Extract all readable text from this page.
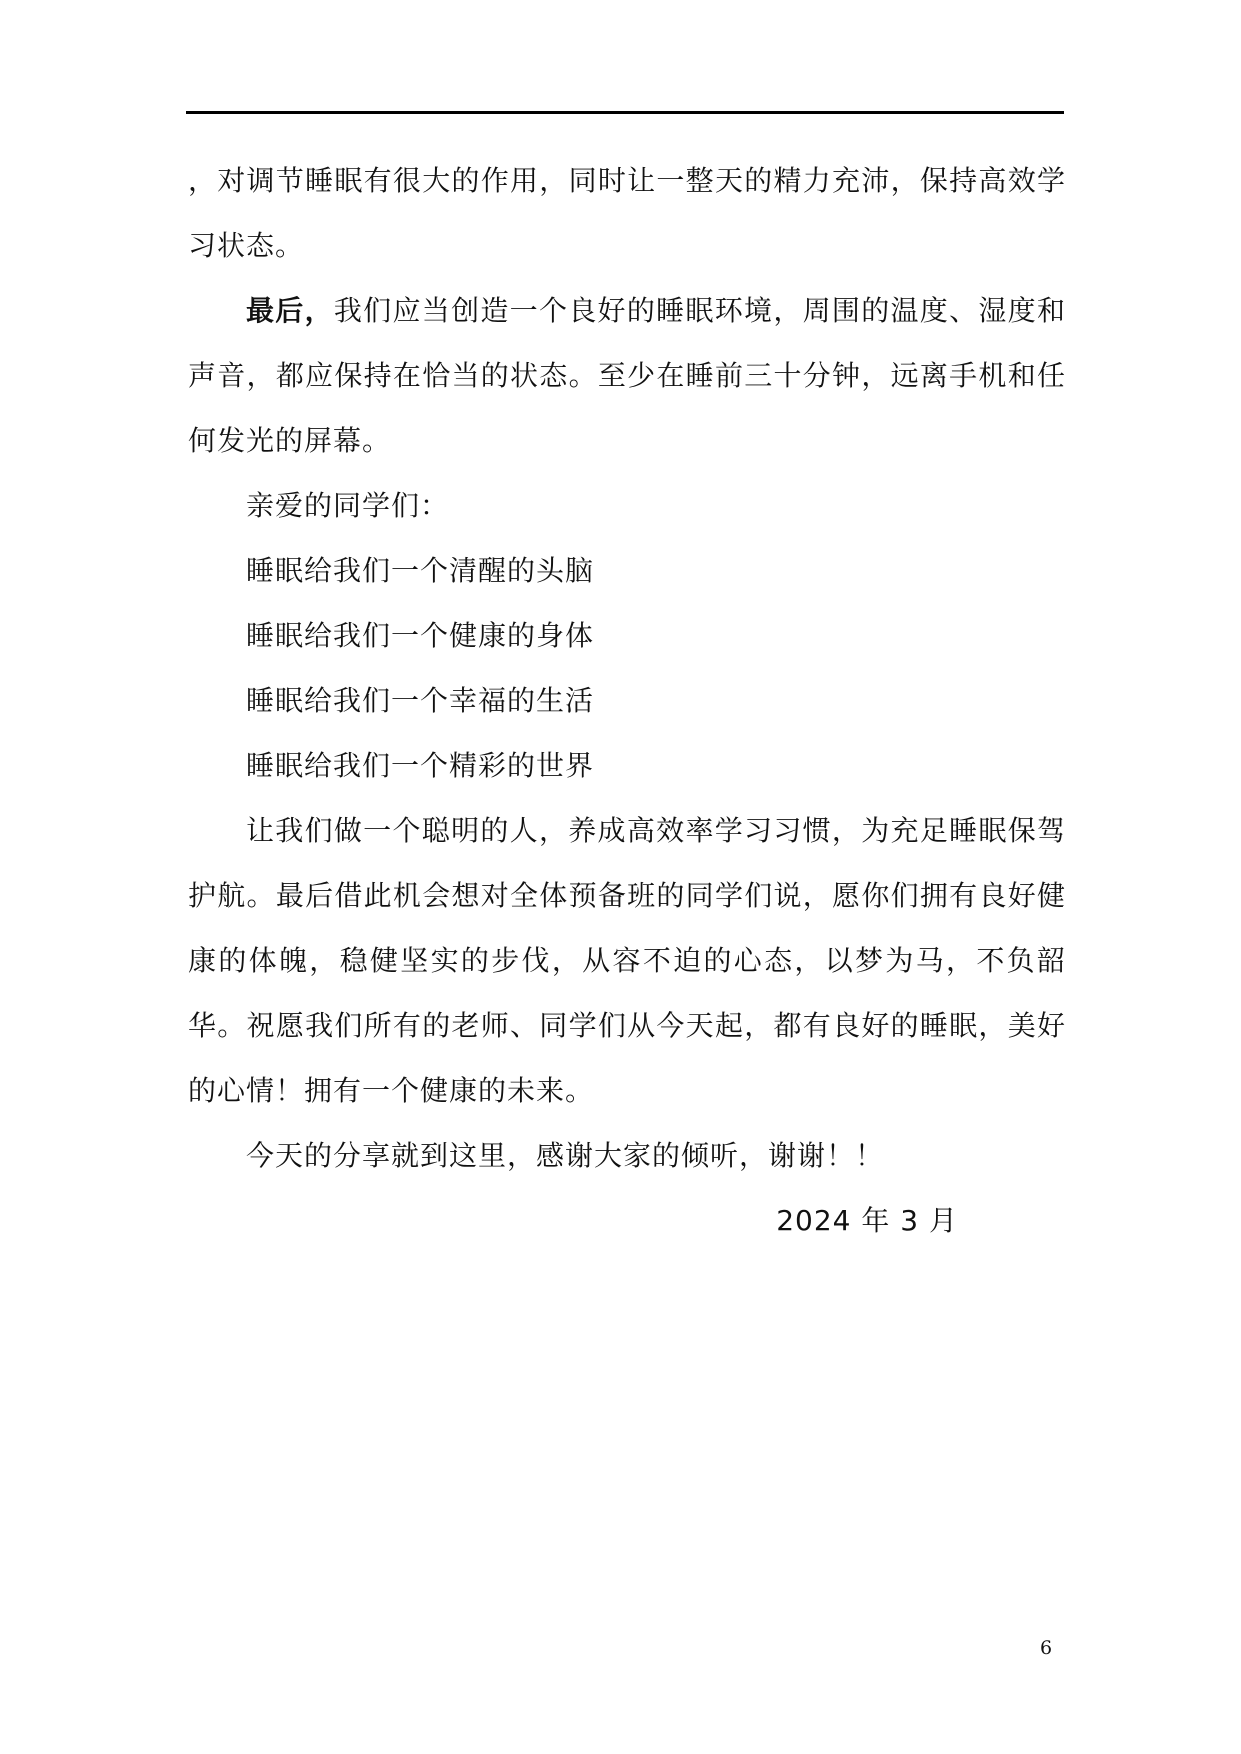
，对调节睡眠有很大的作用，同时让一整天的精力充沛，保持高效学习状态。

最后，我们应当创造一个良好的睡眠环境，周围的温度、湿度和声音，都应保持在恰当的状态。至少在睡前三十分钟，远离手机和任何发光的屏幕。

亲爱的同学们：

睡眠给我们一个清醒的头脑

睡眠给我们一个健康的身体

睡眠给我们一个幸福的生活

睡眠给我们一个精彩的世界

让我们做一个聪明的人，养成高效率学习习惯，为充足睡眠保驾护航。最后借此机会想对全体预备班的同学们说，愿你们拥有良好健康的体魄，稳健坚实的步伐，从容不迫的心态，以梦为马，不负韶华。祝愿我们所有的老师、同学们从今天起，都有良好的睡眠，美好的心情！拥有一个健康的未来。

今天的分享就到这里，感谢大家的倾听，谢谢！！

2024 年 3 月

6
